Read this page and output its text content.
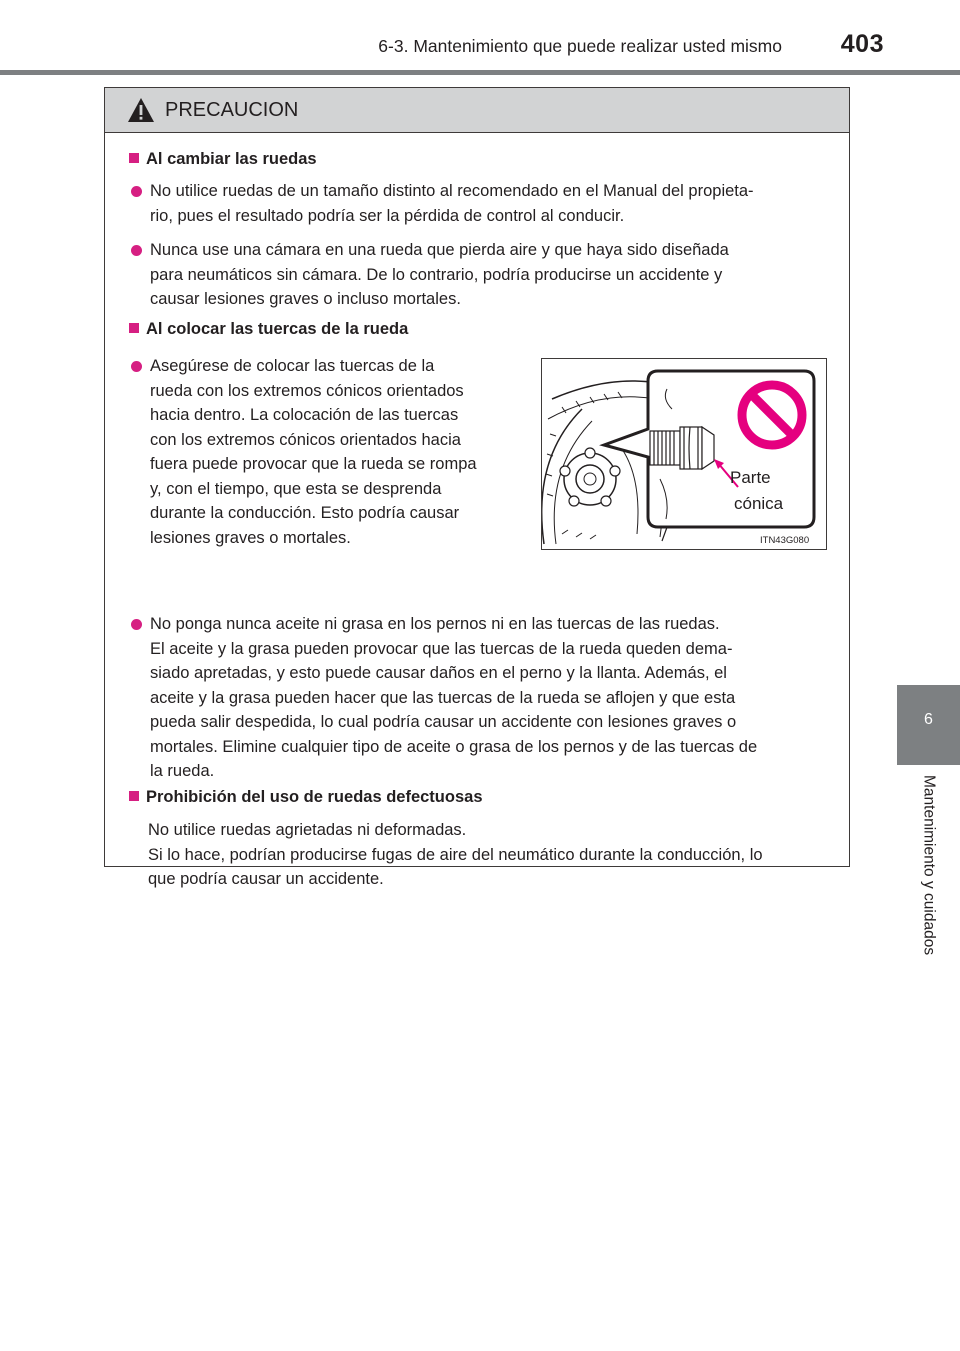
6-3. Mantenimiento que puede realizar usted mismo 403
6
Mantenimiento y cuidados
PRECAUCION
Al cambiar las ruedas
No utilice ruedas de un tamaño distinto al recomendado en el Manual del propieta-
rio, pues el resultado podría ser la pérdida de control al conducir.
Nunca use una cámara en una rueda que pierda aire y que haya sido diseñada
para neumáticos sin cámara. De lo contrario, podría producirse un accidente y
causar lesiones graves o incluso mortales.
Al colocar las tuercas de la rueda
Asegúrese de colocar las tuercas de la
rueda con los extremos cónicos orientados
hacia dentro. La colocación de las tuercas
con los extremos cónicos orientados hacia
fuera puede provocar que la rueda se rompa
y, con el tiempo, que esta se desprenda
durante la conducción. Esto podría causar
lesiones graves o mortales.
Parte
cónica
ITN43G080
No ponga nunca aceite ni grasa en los pernos ni en las tuercas de las ruedas.
El aceite y la grasa pueden provocar que las tuercas de la rueda queden dema-
siado apretadas, y esto puede causar daños en el perno y la llanta. Además, el
aceite y la grasa pueden hacer que las tuercas de la rueda se aflojen y que esta
pueda salir despedida, lo cual podría causar un accidente con lesiones graves o
mortales. Elimine cualquier tipo de aceite o grasa de los pernos y de las tuercas de
la rueda.
Prohibición del uso de ruedas defectuosas
No utilice ruedas agrietadas ni deformadas.
Si lo hace, podrían producirse fugas de aire del neumático durante la conducción, lo
que podría causar un accidente.
